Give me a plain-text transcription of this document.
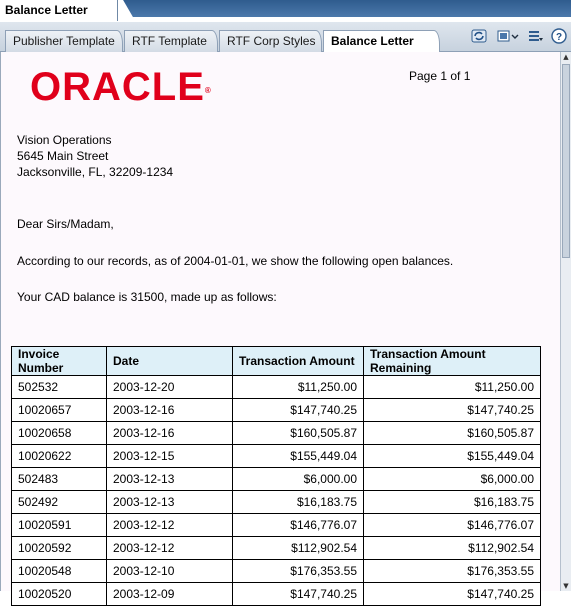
Balance Letter
Publisher Template	RTF Template	RTF Corp Styles	Balance Letter	?
ORACLE®
Page 1 of 1
Vision Operations
5645 Main Street
Jacksonville, FL, 32209-1234
Dear Sirs/Madam,
According to our records, as of 2004-01-01, we show the following open balances.
Your CAD balance is 31500, made up as follows:
Invoice Number	Date	Transaction Amount	Transaction Amount Remaining
502532	2003-12-20	$11,250.00	$11,250.00
10020657	2003-12-16	$147,740.25	$147,740.25
10020658	2003-12-16	$160,505.87	$160,505.87
10020622	2003-12-15	$155,449.04	$155,449.04
502483	2003-12-13	$6,000.00	$6,000.00
502492	2003-12-13	$16,183.75	$16,183.75
10020591	2003-12-12	$146,776.07	$146,776.07
10020592	2003-12-12	$112,902.54	$112,902.54
10020548	2003-12-10	$176,353.55	$176,353.55
10020520	2003-12-09	$147,740.25	$147,740.25
▲
▼
